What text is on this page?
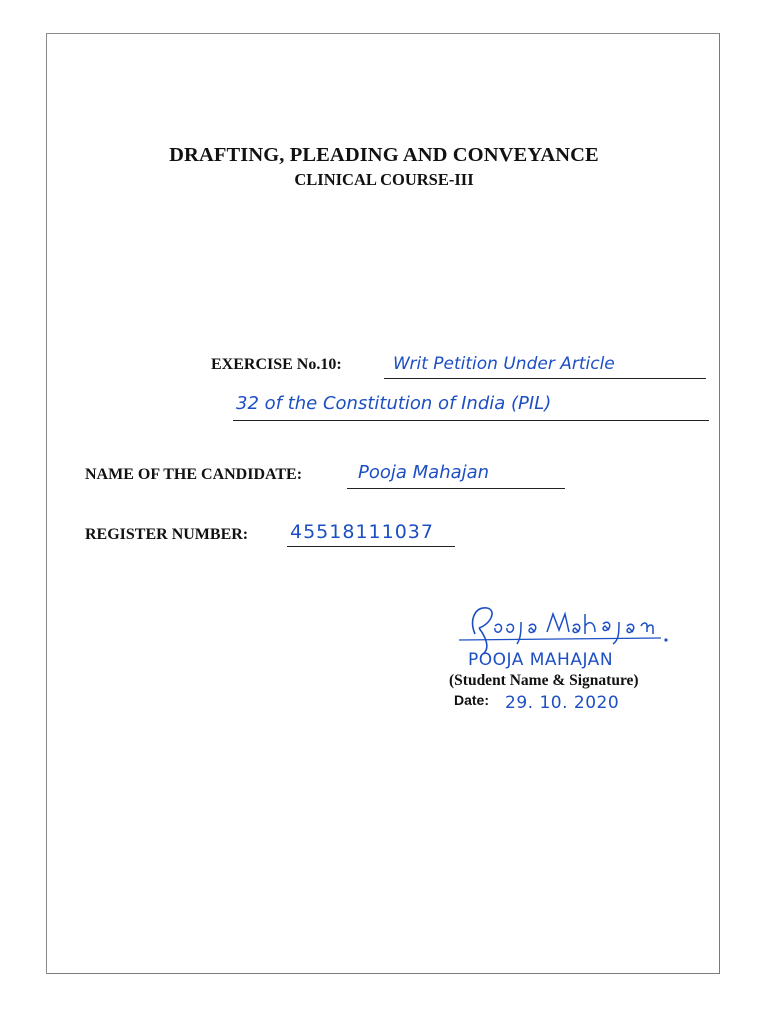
DRAFTING, PLEADING AND CONVEYANCE
CLINICAL COURSE-III
EXERCISE No.10:	Writ Petition Under Article
32 of the Constitution of India (PIL)
NAME OF THE CANDIDATE:	Pooja Mahajan
REGISTER NUMBER: 45518111037
POOJA MAHAJAN
(Student Name & Signature)
Date: 29. 10. 2020
